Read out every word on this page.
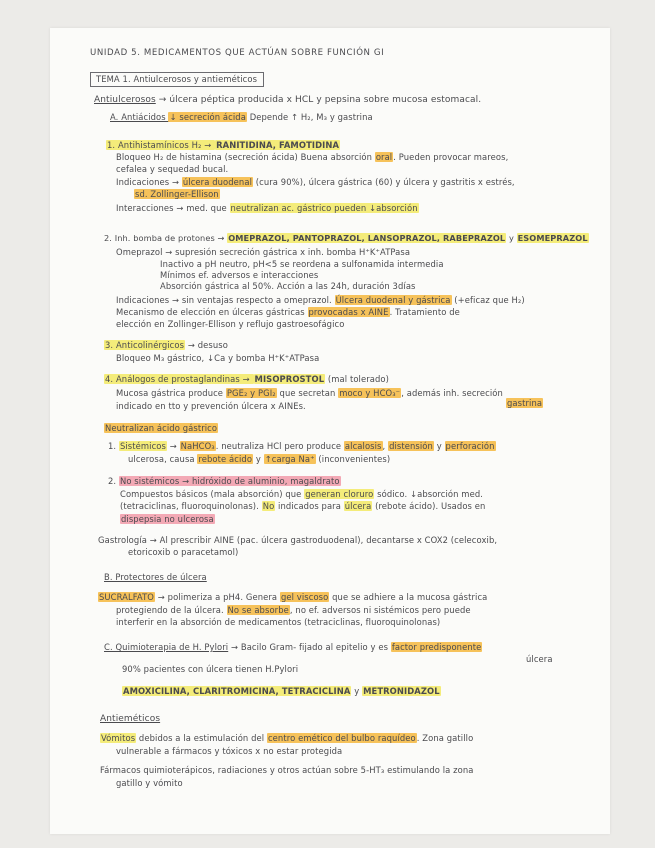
UNIDAD 5. MEDICAMENTOS QUE ACTÚAN SOBRE FUNCIÓN GI
TEMA 1. Antiulcerosos y antieméticos
Antiulcerosos → úlcera péptica producida x HCL y pepsina sobre mucosa estomacal.
A. Antiácidos ↓ secreción ácida Depende ↑ H₂, M₃ y gastrina
1. Antihistamínicos H₂ → RANITIDINA, FAMOTIDINA
Bloqueo H₂ de histamina (secreción ácida) Buena absorción oral. Pueden provocar mareos,
cefalea y sequedad bucal.
Indicaciones → úlcera duodenal (cura 90%), úlcera gástrica (60) y úlcera y gastritis x estrés,
sd. Zollinger-Ellison
Interacciones → med. que neutralizan ac. gástrico pueden ↓absorción
2. Inh. bomba de protones → OMEPRAZOL, PANTOPRAZOL, LANSOPRAZOL, RABEPRAZOL y ESOMEPRAZOL
Omeprazol → supresión secreción gástrica x inh. bomba H⁺K⁺ATPasa
Inactivo a pH neutro, pH<5 se reordena a sulfonamida intermedia
Mínimos ef. adversos e interacciones
Absorción gástrica al 50%. Acción a las 24h, duración 3días
Indicaciones → sin ventajas respecto a omeprazol. Úlcera duodenal y gástrica (+eficaz que H₂)
Mecanismo de elección en úlceras gástricas provocadas x AINE. Tratamiento de
elección en Zollinger-Ellison y reflujo gastroesofágico
3. Anticolinérgicos → desuso
Bloqueo M₃ gástrico, ↓Ca y bomba H⁺K⁺ATPasa
4. Análogos de prostaglandinas → MISOPROSTOL (mal tolerado)
Mucosa gástrica produce PGE₂ y PGI₂ que secretan moco y HCO₃⁻, además inh. secreción
gastrina
indicado en tto y prevención úlcera x AINEs.
Neutralizan ácido gástrico
1. Sistémicos → NaHCO₃. neutraliza HCl pero produce alcalosis, distensión y perforación
ulcerosa, causa rebote ácido y ↑carga Na⁺ (inconvenientes)
2. No sistémicos → hidróxido de aluminio, magaldrato
Compuestos básicos (mala absorción) que generan cloruro sódico. ↓absorción med.
(tetraciclinas, fluoroquinolonas). No indicados para úlcera (rebote ácido). Usados en
dispepsia no ulcerosa
Gastrología → Al prescribir AINE (pac. úlcera gastroduodenal), decantarse x COX2 (celecoxib,
etoricoxib o paracetamol)
B. Protectores de úlcera
SUCRALFATO → polimeriza a pH4. Genera gel viscoso que se adhiere a la mucosa gástrica
protegiendo de la úlcera. No se absorbe, no ef. adversos ni sistémicos pero puede
interferir en la absorción de medicamentos (tetraciclinas, fluoroquinolonas)
C. Quimioterapia de H. Pylori → Bacilo Gram- fijado al epitelio y es factor predisponente
úlcera
90% pacientes con úlcera tienen H.Pylori
AMOXICILINA, CLARITROMICINA, TETRACICLINA y METRONIDAZOL
Antieméticos
Vómitos debidos a la estimulación del centro emético del bulbo raquídeo. Zona gatillo
vulnerable a fármacos y tóxicos x no estar protegida
Fármacos quimioterápicos, radiaciones y otros actúan sobre 5-HT₃ estimulando la zona
gatillo y vómito
